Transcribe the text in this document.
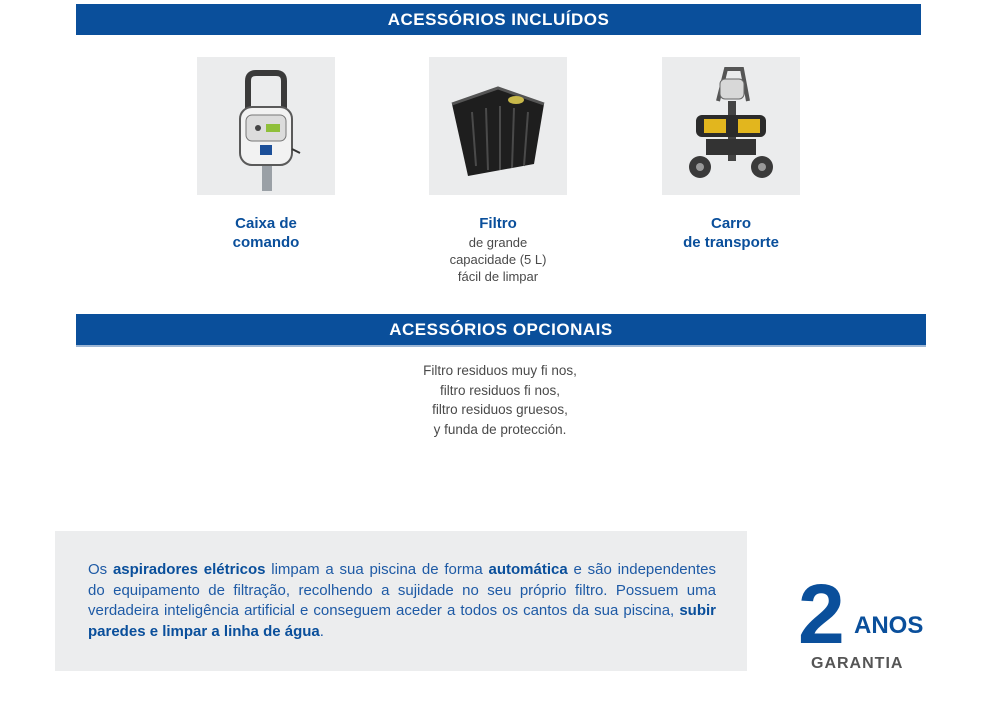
ACESSÓRIOS INCLUÍDOS
Caixa de
comando
Filtro
de grande
capacidade (5 L)
fácil de limpar
Carro
de transporte
ACESSÓRIOS OPCIONAIS
Filtro residuos muy fi nos,
filtro residuos fi nos,
filtro residuos gruesos,
y funda de protección.
Os aspiradores elétricos limpam a sua piscina de forma automática e são independentes do equipamento de filtração, recolhendo a sujidade no seu próprio filtro. Possuem uma verdadeira inteligência artificial e conseguem aceder a todos os cantos da sua piscina, subir paredes e limpar a linha de água.	2 ANOS
GARANTIA
